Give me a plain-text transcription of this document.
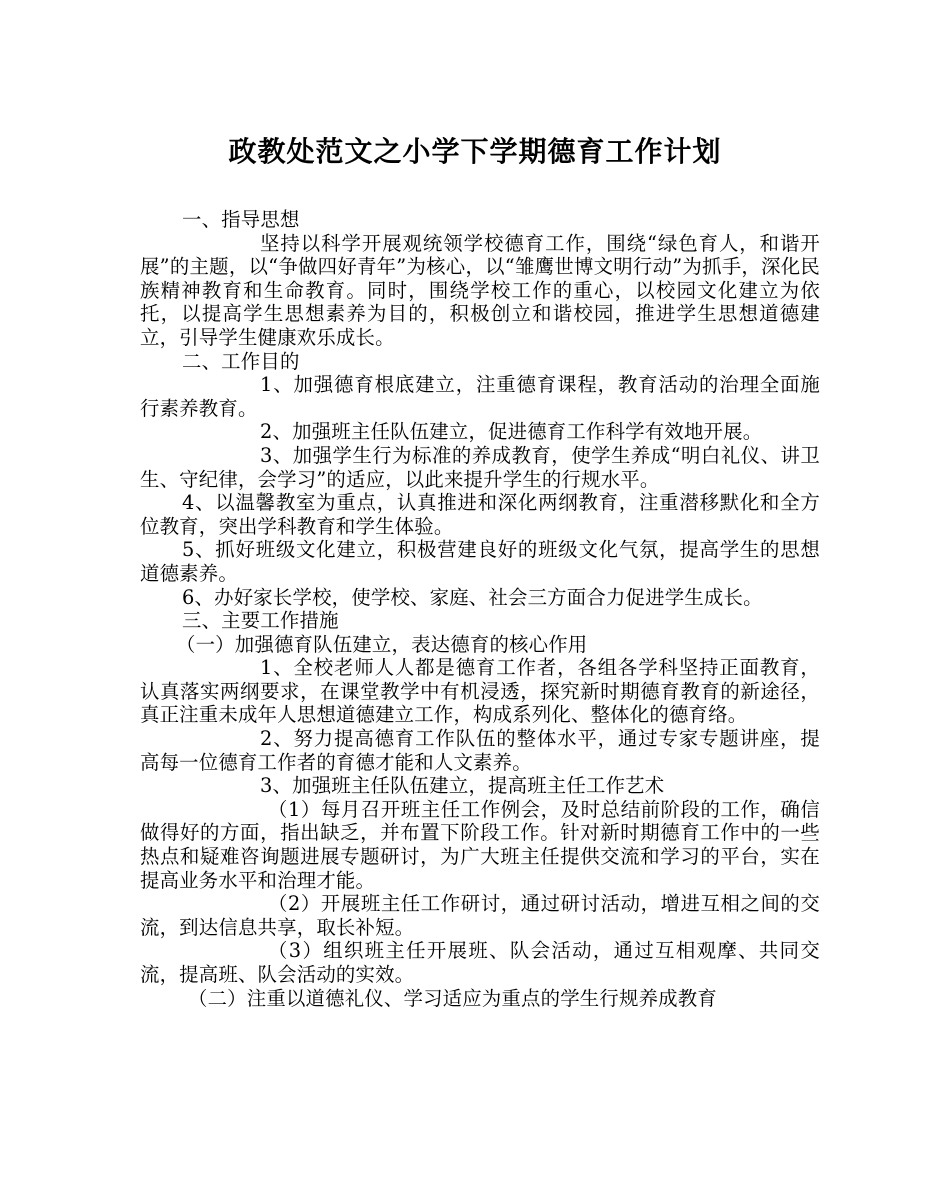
政教处范文之小学下学期德育工作计划

一、指导思想

坚持以科学开展观统领学校德育工作，围绕“绿色育人，和谐开展”的主题，以“争做四好青年”为核心，以“雏鹰世博文明行动”为抓手，深化民族精神教育和生命教育。同时，围绕学校工作的重心，以校园文化建立为依托，以提高学生思想素养为目的，积极创立和谐校园，推进学生思想道德建立，引导学生健康欢乐成长。

二、工作目的

1、加强德育根底建立，注重德育课程，教育活动的治理全面施行素养教育。

2、加强班主任队伍建立，促进德育工作科学有效地开展。

3、加强学生行为标准的养成教育，使学生养成“明白礼仪、讲卫生、守纪律，会学习”的适应，以此来提升学生的行规水平。

4、以温馨教室为重点，认真推进和深化两纲教育，注重潜移默化和全方位教育，突出学科教育和学生体验。

5、抓好班级文化建立，积极营建良好的班级文化气氛，提高学生的思想道德素养。

6、办好家长学校，使学校、家庭、社会三方面合力促进学生成长。

三、主要工作措施

（一）加强德育队伍建立，表达德育的核心作用

1、全校老师人人都是德育工作者，各组各学科坚持正面教育，认真落实两纲要求，在课堂教学中有机浸透，探究新时期德育教育的新途径，真正注重未成年人思想道德建立工作，构成系列化、整体化的德育络。

2、努力提高德育工作队伍的整体水平，通过专家专题讲座，提高每一位德育工作者的育德才能和人文素养。

3、加强班主任队伍建立，提高班主任工作艺术

（1）每月召开班主任工作例会，及时总结前阶段的工作，确信做得好的方面，指出缺乏，并布置下阶段工作。针对新时期德育工作中的一些热点和疑难咨询题进展专题研讨，为广大班主任提供交流和学习的平台，实在提高业务水平和治理才能。

（2）开展班主任工作研讨，通过研讨活动，增进互相之间的交流，到达信息共享，取长补短。

（3）组织班主任开展班、队会活动，通过互相观摩、共同交流，提高班、队会活动的实效。

（二）注重以道德礼仪、学习适应为重点的学生行规养成教育
